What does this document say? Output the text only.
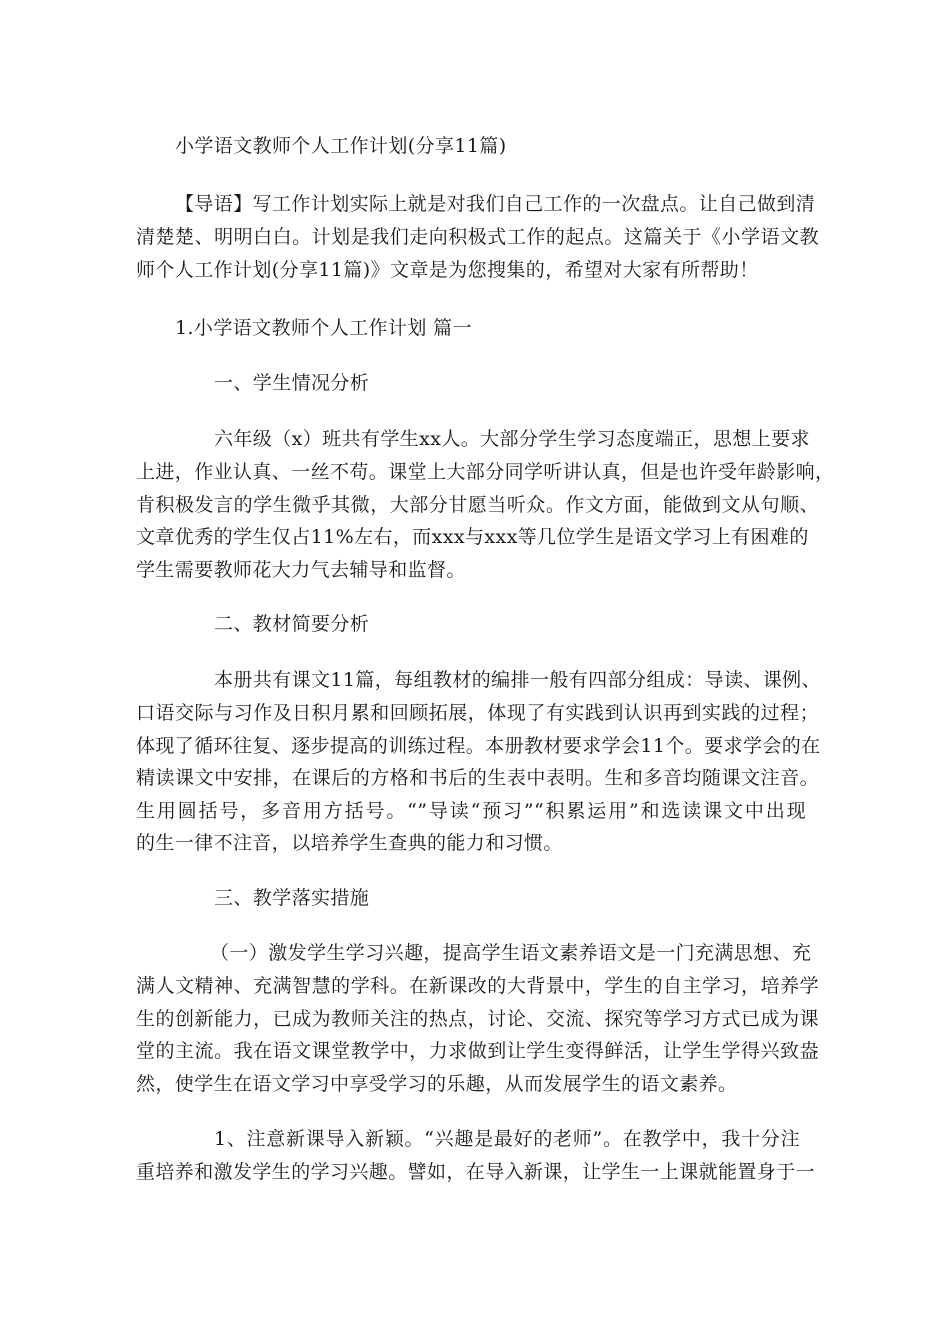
小学语文教师个人工作计划(分享11篇)
【导语】写工作计划实际上就是对我们自己工作的一次盘点。让自己做到清
清楚楚、明明白白。计划是我们走向积极式工作的起点。这篇关于《小学语文教
师个人工作计划(分享11篇)》文章是为您搜集的，希望对大家有所帮助！
1.小学语文教师个人工作计划 篇一
一、学生情况分析
六年级（x）班共有学生xx人。大部分学生学习态度端正，思想上要求
上进，作业认真、一丝不苟。课堂上大部分同学听讲认真，但是也许受年龄影响，
肯积极发言的学生微乎其微，大部分甘愿当听众。作文方面，能做到文从句顺、
文章优秀的学生仅占11%左右，而xxx与xxx等几位学生是语文学习上有困难的
学生需要教师花大力气去辅导和监督。
二、教材简要分析
本册共有课文11篇，每组教材的编排一般有四部分组成：导读、课例、
口语交际与习作及日积月累和回顾拓展，体现了有实践到认识再到实践的过程；
体现了循环往复、逐步提高的训练过程。本册教材要求学会11个。要求学会的在
精读课文中安排，在课后的方格和书后的生表中表明。生和多音均随课文注音。
生用圆括号，多音用方括号。“”导读“预习”“积累运用”和选读课文中出现
的生一律不注音，以培养学生查典的能力和习惯。
三、教学落实措施
（一）激发学生学习兴趣，提高学生语文素养语文是一门充满思想、充
满人文精神、充满智慧的学科。在新课改的大背景中，学生的自主学习，培养学
生的创新能力，已成为教师关注的热点，讨论、交流、探究等学习方式已成为课
堂的主流。我在语文课堂教学中，力求做到让学生变得鲜活，让学生学得兴致盎
然，使学生在语文学习中享受学习的乐趣，从而发展学生的语文素养。
1、注意新课导入新颖。“兴趣是最好的老师”。在教学中，我十分注
重培养和激发学生的学习兴趣。譬如，在导入新课，让学生一上课就能置身于一
